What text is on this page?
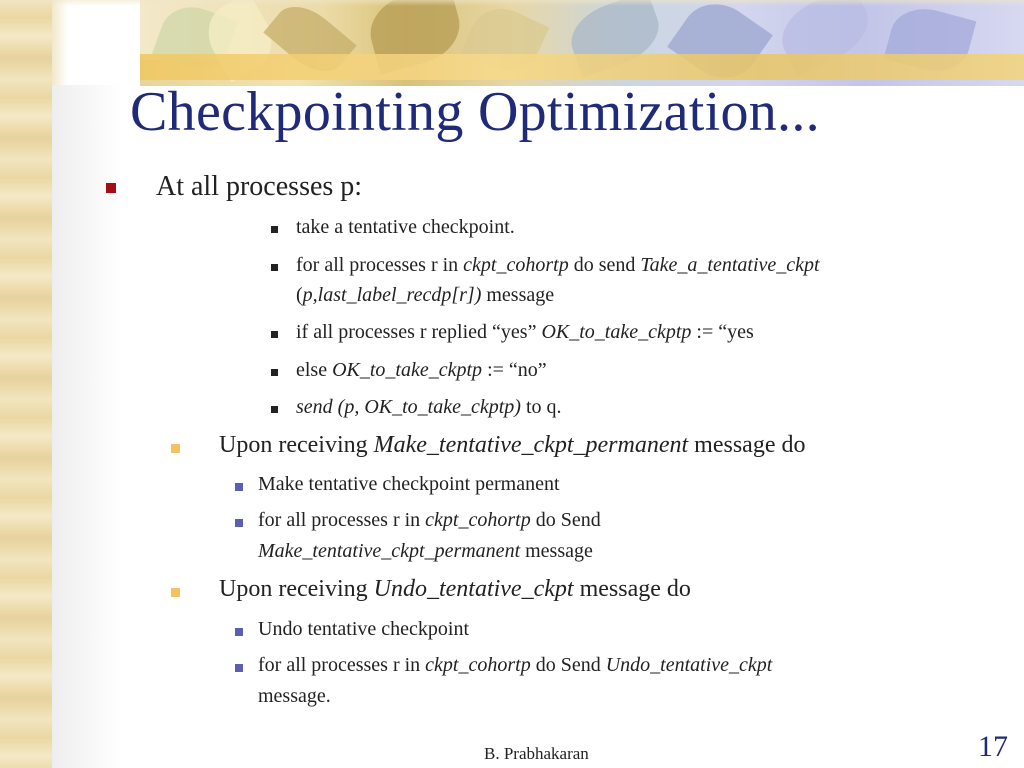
Checkpointing Optimization...
At all processes p:
take a tentative checkpoint.
for all processes r in ckpt_cohortp do send Take_a_tentative_ckpt
(p,last_label_recdp[r]) message
if all processes r replied “yes” OK_to_take_ckptp := “yes
else OK_to_take_ckptp := “no”
send (p, OK_to_take_ckptp) to q.
Upon receiving Make_tentative_ckpt_permanent message do
Make tentative checkpoint permanent
for all processes r in ckpt_cohortp do Send
Make_tentative_ckpt_permanent message
Upon receiving Undo_tentative_ckpt message do
Undo tentative checkpoint
for all processes r in ckpt_cohortp do Send Undo_tentative_ckpt
message.
B. Prabhakaran	17
